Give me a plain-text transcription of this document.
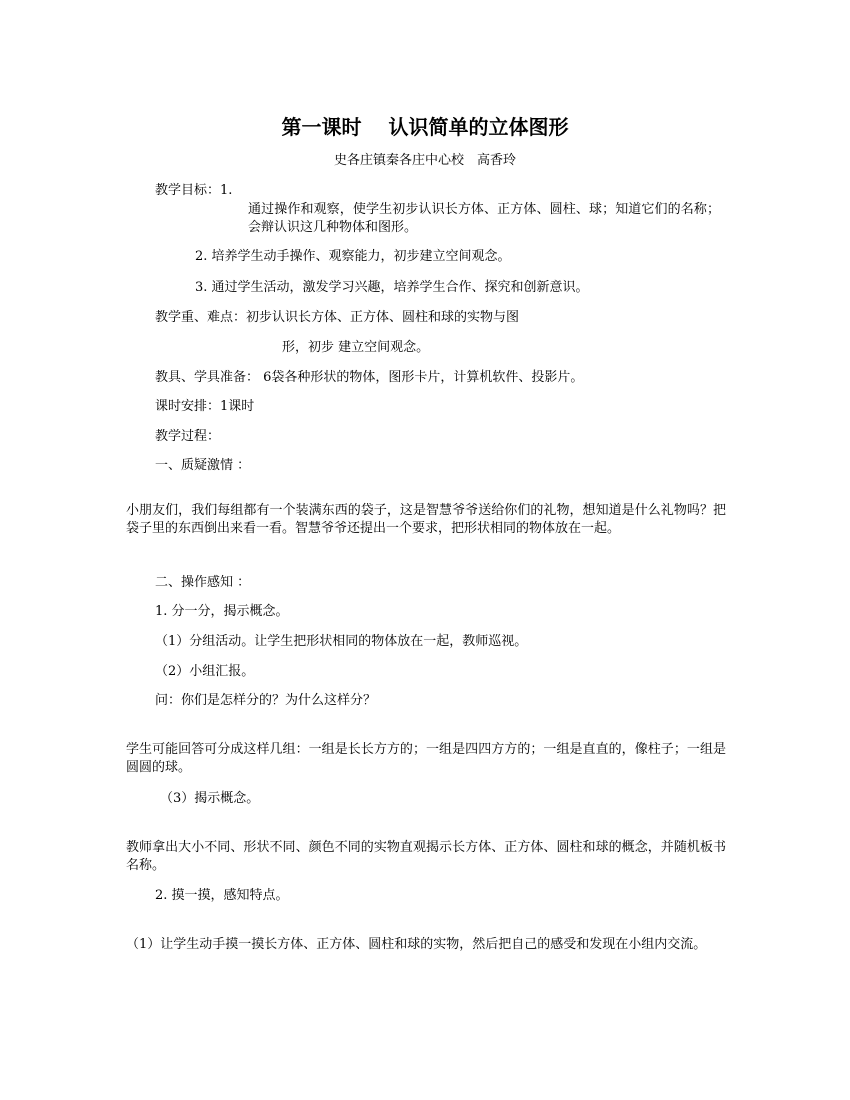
第一课时　 认识简单的立体图形
史各庄镇秦各庄中心校　高香玲
教学目标：1.
通过操作和观察，使学生初步认识长方体、正方体、圆柱、球；知道它们的名称；会辩认识这几种物体和图形。
2. 培养学生动手操作、观察能力，初步建立空间观念。
3. 通过学生活动，激发学习兴趣，培养学生合作、探究和创新意识。
教学重、难点：初步认识长方体、正方体、圆柱和球的实物与图
形，初步 建立空间观念。
教具、学具准备： 6袋各种形状的物体，图形卡片，计算机软件、投影片。
课时安排：1课时
教学过程：
一、质疑激情 ：
小朋友们，我们每组都有一个装满东西的袋子，这是智慧爷爷送给你们的礼物，想知道是什么礼物吗？把袋子里的东西倒出来看一看。智慧爷爷还提出一个要求，把形状相同的物体放在一起。
二、操作感知 ：
1. 分一分，揭示概念。
（1）分组活动。让学生把形状相同的物体放在一起，教师巡视。
（2）小组汇报。
问：你们是怎样分的？为什么这样分？
学生可能回答可分成这样几组：一组是长长方方的；一组是四四方方的；一组是直直的，像柱子；一组是圆圆的球。
（3）揭示概念。
教师拿出大小不同、形状不同、颜色不同的实物直观揭示长方体、正方体、圆柱和球的概念，并随机板书名称。
2. 摸一摸，感知特点。
（1）让学生动手摸一摸长方体、正方体、圆柱和球的实物，然后把自己的感受和发现在小组内交流。
